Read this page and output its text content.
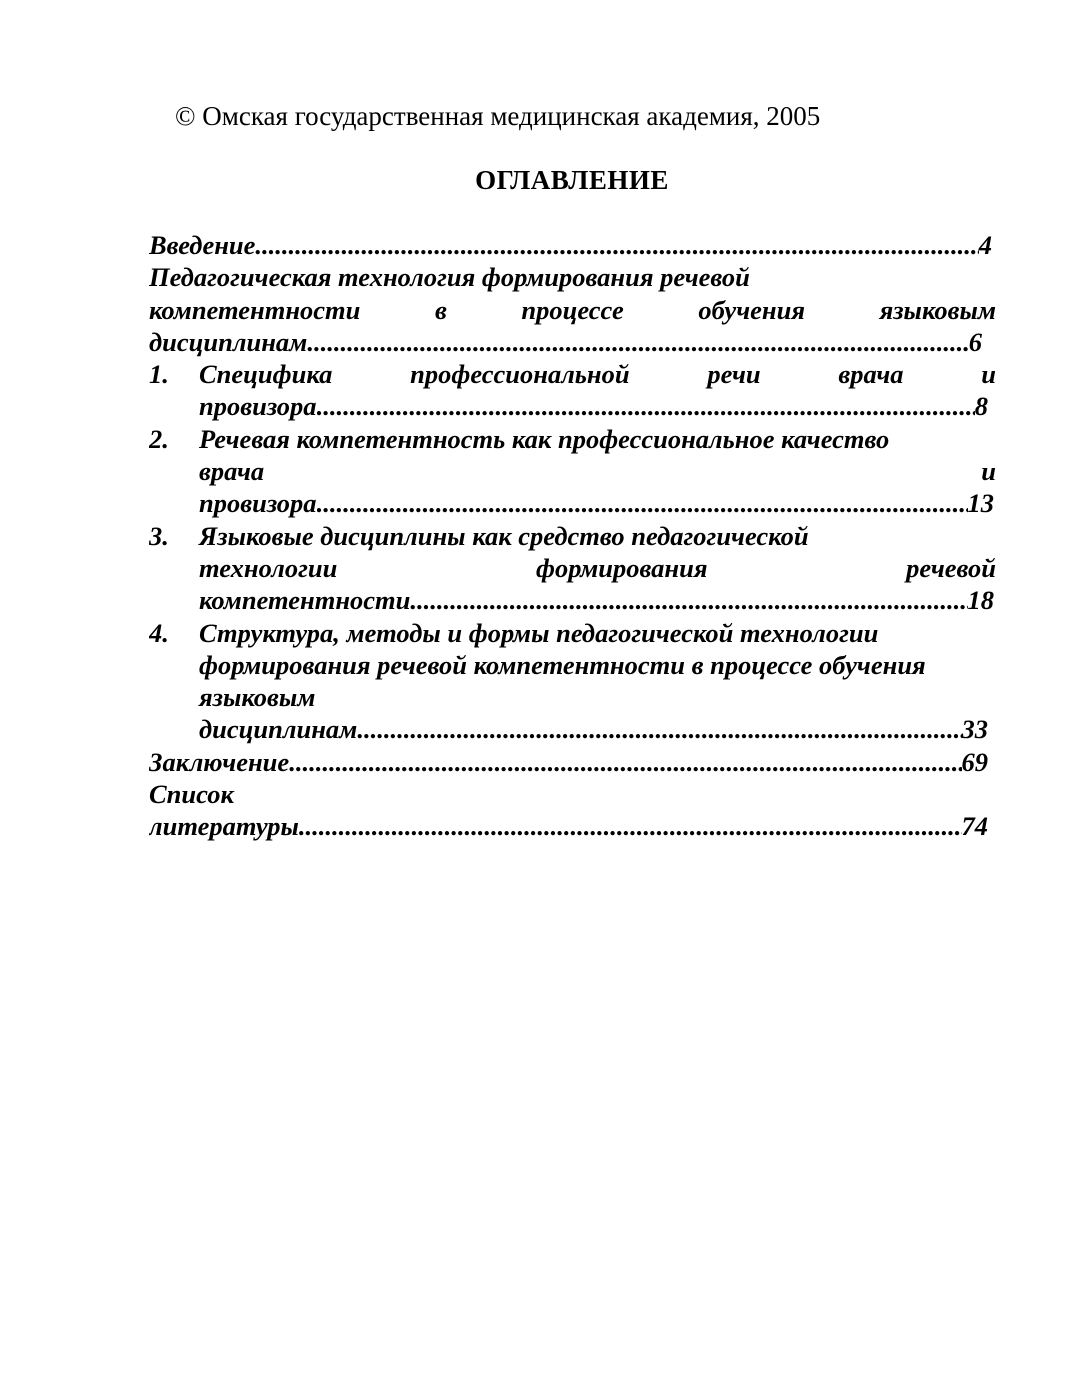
© Омская государственная медицинская академия, 2005
ОГЛАВЛЕНИЕ
Введение .....	4
Педагогическая технология формирования речевой
компетентности	в	процессе	обучения	языковым
дисциплинам .....	6
1. Специфика	профессиональной	речи	врача	и
провизора .....	8
2.	Речевая компетентность как профессиональное качество
врача	и
провизора .....	13
3.	Языковые дисциплины как средство педагогической
технологии	формирования	речевой
компетентности .....	18
4.	Структура, методы и формы педагогической технологии
формирования речевой компетентности в процессе обучения
языковым
дисциплинам .....	33
Заключение .....	69
Список
литературы .....	74
